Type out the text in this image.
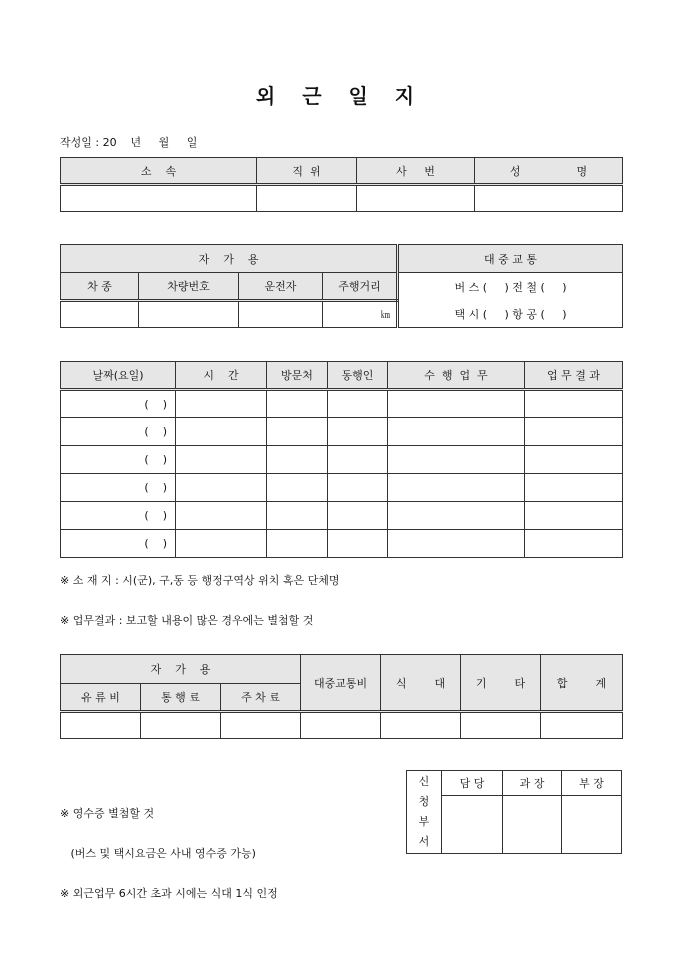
외 근 일 지
작성일 : 20    년     월     일
소    속	직  위	사     번	성                명

자    가    용				대 중 교 통
차 종	차량번호	운전자	주행거리	버 스 (     ) 전 철 (     )
			㎞	택 시 (     ) 항 공 (     )
날짜(요일)	시    간	방문처	동행인	수  행  업  무	업 무 결 과
(    )					
(    )					
(    )					
(    )					
(    )					
(    )					
※ 소 재 지 : 시(군), 구,동 등 행정구역상 위치 혹은 단체명
※ 업무결과 : 보고할 내용이 많은 경우에는 별첨할 것
자    가    용			대중교통비	식        대	기        타	합        계
유 류 비	통 행 료	주 차 료				

※ 영수증 별첨할 것

(버스 및 택시요금은 사내 영수증 가능)

※ 외근업무 6시간 초과 시에는 식대 1식 인정

신
청
부
서	담 당	과 장	부 장
